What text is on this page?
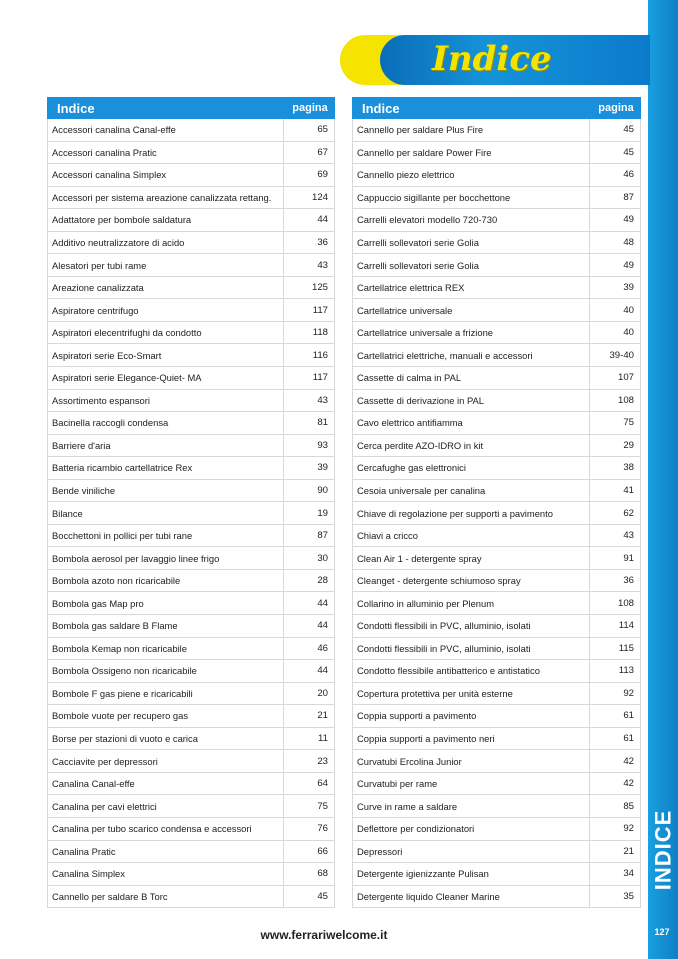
INDICE
127
Indice
Indice	pagina
Accessori canalina Canal-effe	65
Accessori canalina Pratic	67
Accessori canalina Simplex	69
Accessori per sistema areazione canalizzata rettang.	124
Adattatore per bombole saldatura	44
Additivo neutralizzatore di acido	36
Alesatori per tubi rame	43
Areazione canalizzata	125
Aspiratore centrifugo	117
Aspiratori elecentrifughi da condotto	118
Aspiratori serie Eco-Smart	116
Aspiratori serie Elegance-Quiet- MA	117
Assortimento espansori	43
Bacinella raccogli condensa	81
Barriere d'aria	93
Batteria ricambio cartellatrice Rex	39
Bende viniliche	90
Bilance	19
Bocchettoni in pollici per tubi rane	87
Bombola aerosol per lavaggio linee frigo	30
Bombola azoto non ricaricabile	28
Bombola gas Map pro	44
Bombola gas saldare B Flame	44
Bombola Kemap non ricaricabile	46
Bombola Ossigeno non ricaricabile	44
Bombole F gas piene e ricaricabili	20
Bombole vuote per recupero gas	21
Borse per stazioni di vuoto e carica	11
Cacciavite per depressori	23
Canalina Canal-effe	64
Canalina per cavi elettrici	75
Canalina per tubo scarico condensa e accessori	76
Canalina Pratic	66
Canalina Simplex	68
Cannello per saldare B Torc	45
Indice	pagina
Cannello per saldare Plus Fire	45
Cannello per saldare Power Fire	45
Cannello piezo elettrico	46
Cappuccio sigillante per bocchettone	87
Carrelli elevatori modello 720-730	49
Carrelli sollevatori serie Golia	48
Carrelli sollevatori serie Golia	49
Cartellatrice elettrica REX	39
Cartellatrice universale	40
Cartellatrice universale a frizione	40
Cartellatrici elettriche, manuali e accessori	39-40
Cassette di calma in PAL	107
Cassette di derivazione in PAL	108
Cavo elettrico antifiamma	75
Cerca perdite AZO-IDRO in kit	29
Cercafughe gas elettronici	38
Cesoia universale per canalina	41
Chiave di regolazione per supporti a pavimento	62
Chiavi a cricco	43
Clean Air 1 - detergente spray	91
Cleanget - detergente schiumoso spray	36
Collarino in alluminio per Plenum	108
Condotti flessibili in PVC, alluminio, isolati	114
Condotti flessibili in PVC, alluminio, isolati	115
Condotto flessibile antibatterico e antistatico	113
Copertura protettiva per unità esterne	92
Coppia supporti a pavimento	61
Coppia supporti a pavimento neri	61
Curvatubi Ercolina Junior	42
Curvatubi per rame	42
Curve in rame a saldare	85
Deflettore per condizionatori	92
Depressori	21
Detergente igienizzante Pulisan	34
Detergente liquido Cleaner Marine	35
www.ferrariwelcome.it
